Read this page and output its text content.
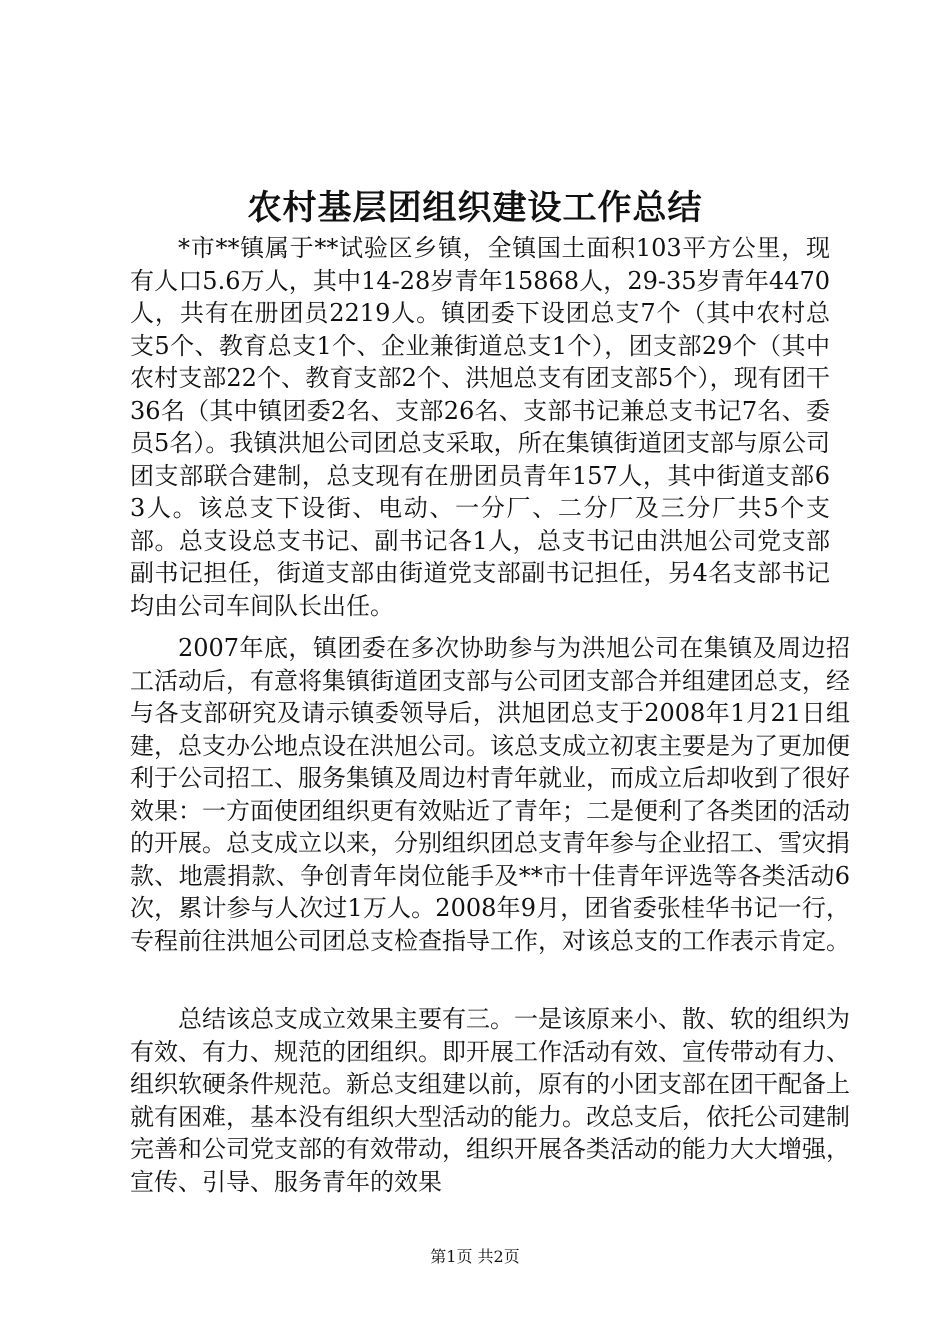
农村基层团组织建设工作总结

*市**镇属于**试验区乡镇，全镇国土面积103平方公里，现有人口5.6万人，其中14-28岁青年15868人，29-35岁青年4470人，共有在册团员2219人。镇团委下设团总支7个（其中农村总支5个、教育总支1个、企业兼街道总支1个），团支部29个（其中农村支部22个、教育支部2个、洪旭总支有团支部5个），现有团干36名（其中镇团委2名、支部26名、支部书记兼总支书记7名、委员5名）。我镇洪旭公司团总支采取，所在集镇街道团支部与原公司团支部联合建制，总支现有在册团员青年157人，其中街道支部63人。该总支下设街、电动、一分厂、二分厂及三分厂共5个支部。总支设总支书记、副书记各1人，总支书记由洪旭公司党支部副书记担任，街道支部由街道党支部副书记担任，另4名支部书记均由公司车间队长出任。

2007年底，镇团委在多次协助参与为洪旭公司在集镇及周边招工活动后，有意将集镇街道团支部与公司团支部合并组建团总支，经与各支部研究及请示镇委领导后，洪旭团总支于2008年1月21日组建，总支办公地点设在洪旭公司。该总支成立初衷主要是为了更加便利于公司招工、服务集镇及周边村青年就业，而成立后却收到了很好效果：一方面使团组织更有效贴近了青年；二是便利了各类团的活动的开展。总支成立以来，分别组织团总支青年参与企业招工、雪灾捐款、地震捐款、争创青年岗位能手及**市十佳青年评选等各类活动6次，累计参与人次过1万人。2008年9月，团省委张桂华书记一行，专程前往洪旭公司团总支检查指导工作，对该总支的工作表示肯定。

总结该总支成立效果主要有三。一是该原来小、散、软的组织为有效、有力、规范的团组织。即开展工作活动有效、宣传带动有力、组织软硬条件规范。新总支组建以前，原有的小团支部在团干配备上就有困难，基本没有组织大型活动的能力。改总支后，依托公司建制完善和公司党支部的有效带动，组织开展各类活动的能力大大增强，宣传、引导、服务青年的效果

第1页 共2页
